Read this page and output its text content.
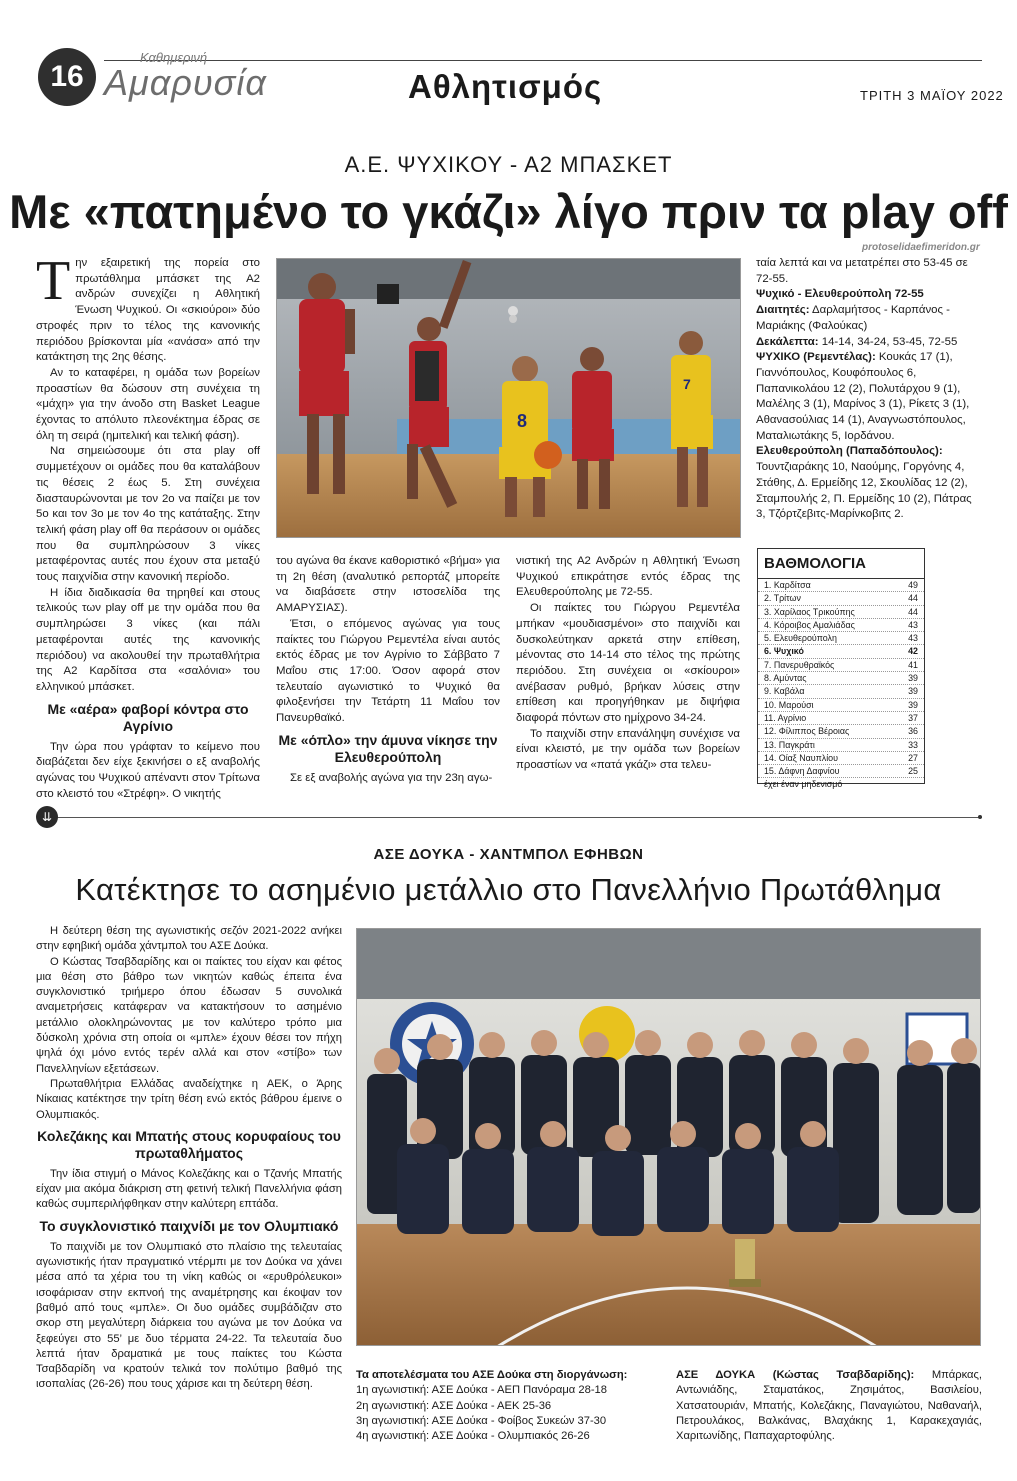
16
Καθημερινή
Αμαρυσία	Αθλητισμός	ΤΡΙΤΗ 3 ΜΑΪΟΥ 2022
Α.Ε. ΨΥΧΙΚΟΥ - Α2 ΜΠΑΣΚΕΤ
Με «πατημένο το γκάζι» λίγο πριν τα play off
protoselidaefimeridon.gr
Τ ην εξαιρετική της πορεία στο πρωτάθλημα μπάσκετ της Α2 ανδρών συνεχίζει η Αθλητική Ένωση Ψυχικού. Οι «σκιούροι» δύο στροφές πριν το τέλος της κανονικής περιόδου βρίσκονται μία «ανάσα» από την κατάκτηση της 2ης θέσης.

Αν το καταφέρει, η ομάδα των βορείων προαστίων θα δώσουν στη συνέχεια τη «μάχη» για την άνοδο στη Basket League έχοντας το απόλυτο πλεονέκτημα έδρας σε όλη τη σειρά (ημιτελική και τελική φάση).

Να σημειώσουμε ότι στα play off συμμετέχουν οι ομάδες που θα καταλάβουν τις θέσεις 2 έως 5. Στη συνέχεια διασταυρώνονται με τον 2ο να παίζει με τον 5ο και τον 3ο με τον 4ο της κατάταξης. Στην τελική φάση play off θα περάσουν οι ομάδες που θα συμπληρώσουν 3 νίκες μεταφέροντας αυτές που έχουν στα μεταξύ τους παιχνίδια στην κανονική περίοδο.

Η ίδια διαδικασία θα τηρηθεί και στους τελικούς των play off με την ομάδα που θα συμπληρώσει 3 νίκες (και πάλι μεταφέρονται αυτές της κανονικής περιόδου) να ακολουθεί την πρωταθλήτρια της Α2 Καρδίτσα στα «σαλόνια» του ελληνικού μπάσκετ.

Με «αέρα» φαβορί κόντρα στο Αγρίνιο

Την ώρα που γράφταν το κείμενο που διαβάζεται δεν είχε ξεκινήσει ο εξ αναβολής αγώνας του Ψυχικού απέναντι στον Τρίτωνα στο κλειστό του «Στρέφη». Ο νικητής

8
7

του αγώνα θα έκανε καθοριστικό «βήμα» για τη 2η θέση (αναλυτικό ρεπορτάζ μπορείτε να διαβάσετε στην ιστοσελίδα της ΑΜΑΡΥΣΙΑΣ).

Έτσι, ο επόμενος αγώνας για τους παίκτες του Γιώργου Ρεμεντέλα είναι αυτός εκτός έδρας με τον Αγρίνιο το Σάββατο 7 Μαΐου στις 17:00. Όσον αφορά στον τελευταίο αγωνιστικό το Ψυχικό θα φιλοξενήσει την Τετάρτη 11 Μαΐου τον Πανευρθαϊκό.

Με «όπλο» την άμυνα νίκησε την Ελευθερούπολη

Σε εξ αναβολής αγώνα για την 23η αγω-

νιστική της Α2 Ανδρών η Αθλητική Ένωση Ψυχικού επικράτησε εντός έδρας της Ελευθερούπολης με 72-55.

Οι παίκτες του Γιώργου Ρεμεντέλα μπήκαν «μουδιασμένοι» στο παιχνίδι και δυσκολεύτηκαν αρκετά στην επίθεση, μένοντας στο 14-14 στο τέλος της πρώτης περιόδου. Στη συνέχεια οι «σκίουροι» ανέβασαν ρυθμό, βρήκαν λύσεις στην επίθεση και προηγήθηκαν με διψήφια διαφορά πόντων στο ημίχρονο 34-24.

Το παιχνίδι στην επανάληψη συνέχισε να είναι κλειστό, με την ομάδα των βορείων προαστίων να «πατά γκάζι» στα τελευ-

ταία λεπτά και να μετατρέπει στο 53-45 σε 72-55.

Ψυχικό - Ελευθερούπολη 72-55

Διαιτητές: Δαρλαμήτσος - Καρπάνος - Μαριάκης (Φαλούκας)

Δεκάλεπτα: 14-14, 34-24, 53-45, 72-55

ΨΥΧΙΚΟ (Ρεμεντέλας): Κουκάς 17 (1), Γιαννόπουλος, Κουφόπουλος 6, Παπανικολάου 12 (2), Πολυτάρχου 9 (1), Μαλέλης 3 (1), Μαρίνος 3 (1), Ρίκετς 3 (1), Αθανασούλιας 14 (1), Αναγνωστόπουλος, Ματαλιωτάκης 5, Ιορδάνου.

Ελευθερούπολη (Παπαδόπουλος): Τουντζιαράκης 10, Ναούμης, Γοργόνης 4, Στάθης, Δ. Ερμείδης 12, Σκουλίδας 12 (2), Σταμπουλής 2, Π. Ερμείδης 10 (2), Πάτρας 3, Τζόρτζεβιτς-Μαρίνκοβιτς 2.

ΒΑΘΜΟΛΟΓΙΑ
1. Καρδίτσα	49
2. Τρίτων	44
3. Χαρίλαος Τρικούπης	44
4. Κόροιβος Αμαλιάδας	43
5. Ελευθερούπολη	43
6. Ψυχικό	42
7. Πανερυθραϊκός	41
8. Αμύντας	39
9. Καβάλα	39
10. Μαρούσι	39
11. Αγρίνιο	37
12. Φίλιππος Βέροιας	36
13. Παγκράτι	33
14. Οίαξ Ναυπλίου	27
15. Δάφνη Δαφνίου	25
έχει έναν μηδενισμό
⇊
ΑΣΕ ΔΟΥΚΑ - ΧΑΝΤΜΠΟΛ ΕΦΗΒΩΝ
Κατέκτησε το ασημένιο μετάλλιο στο Πανελλήνιο Πρωτάθλημα

Η δεύτερη θέση της αγωνιστικής σεζόν 2021-2022 ανήκει στην εφηβική ομάδα χάντμπολ του ΑΣΕ Δούκα.

Ο Κώστας Τσαβδαρίδης και οι παίκτες του είχαν και φέτος μια θέση στο βάθρο των νικητών καθώς έπειτα ένα συγκλονιστικό τριήμερο όπου έδωσαν 5 συνολικά αναμετρήσεις κατάφεραν να κατακτήσουν το ασημένιο μετάλλιο ολοκληρώνοντας με τον καλύτερο τρόπο μια δύσκολη χρόνια στη οποία οι «μπλε» έχουν θέσει τον πήχη ψηλά όχι μόνο εντός τερέν αλλά και στον «στίβο» των Πανελληνίων εξετάσεων.

Πρωταθλήτρια Ελλάδας αναδείχτηκε η ΑΕΚ, ο Άρης Νίκαιας κατέκτησε την τρίτη θέση ενώ εκτός βάθρου έμεινε ο Ολυμπιακός.

Κολεζάκης και Μπατής στους κορυφαίους του πρωταθλήματος

Την ίδια στιγμή ο Μάνος Κολεζάκης και ο Τζανής Μπατής είχαν μια ακόμα διάκριση στη φετινή τελική Πανελλήνια φάση καθώς συμπεριλήφθηκαν στην καλύτερη επτάδα.

Το συγκλονιστικό παιχνίδι με τον Ολυμπιακό

Το παιχνίδι με τον Ολυμπιακό στο πλαίσιο της τελευταίας αγωνιστικής ήταν πραγματικό ντέρμπι με τον Δούκα να χάνει μέσα από τα χέρια του τη νίκη καθώς οι «ερυθρόλευκοι» ισοφάρισαν στην εκπνοή της αναμέτρησης και έκοψαν τον βαθμό από τους «μπλε». Οι δυο ομάδες συμβάδιζαν στο σκορ στη μεγαλύτερη διάρκεια του αγώνα με τον Δούκα να ξεφεύγει στο 55’ με δυο τέρματα 24-22. Τα τελευταία δυο λεπτά ήταν δραματικά με τους παίκτες του Κώστα Τσαβδαρίδη να κρατούν τελικά τον πολύτιμο βαθμό της ισοπαλίας (26-26) που τους χάρισε και τη δεύτερη θέση.

Τα αποτελέσματα του ΑΣΕ Δούκα στη διοργάνωση:
1η αγωνιστική: ΑΣΕ Δούκα - ΑΕΠ Πανόραμα 28-18
2η αγωνιστική: ΑΣΕ Δούκα - ΑΕΚ 25-36
3η αγωνιστική: ΑΣΕ Δούκα - Φοίβος Συκεών 37-30
4η αγωνιστική: ΑΣΕ Δούκα - Ολυμπιακός 26-26
ΑΣΕ ΔΟΥΚΑ (Κώστας Τσαβδαρίδης): Μπάρκας, Αντωνιάδης, Σταματάκος, Ζησιμάτος, Βασιλείου, Χατσατουριάν, Μπατής, Κολεζάκης, Παναγιώτου, Ναθαναήλ, Πετρουλάκος, Βαλκάνας, Βλαχάκης 1, Καρακεχαγιάς, Χαριτωνίδης, Παπαχαρτοφύλης.
